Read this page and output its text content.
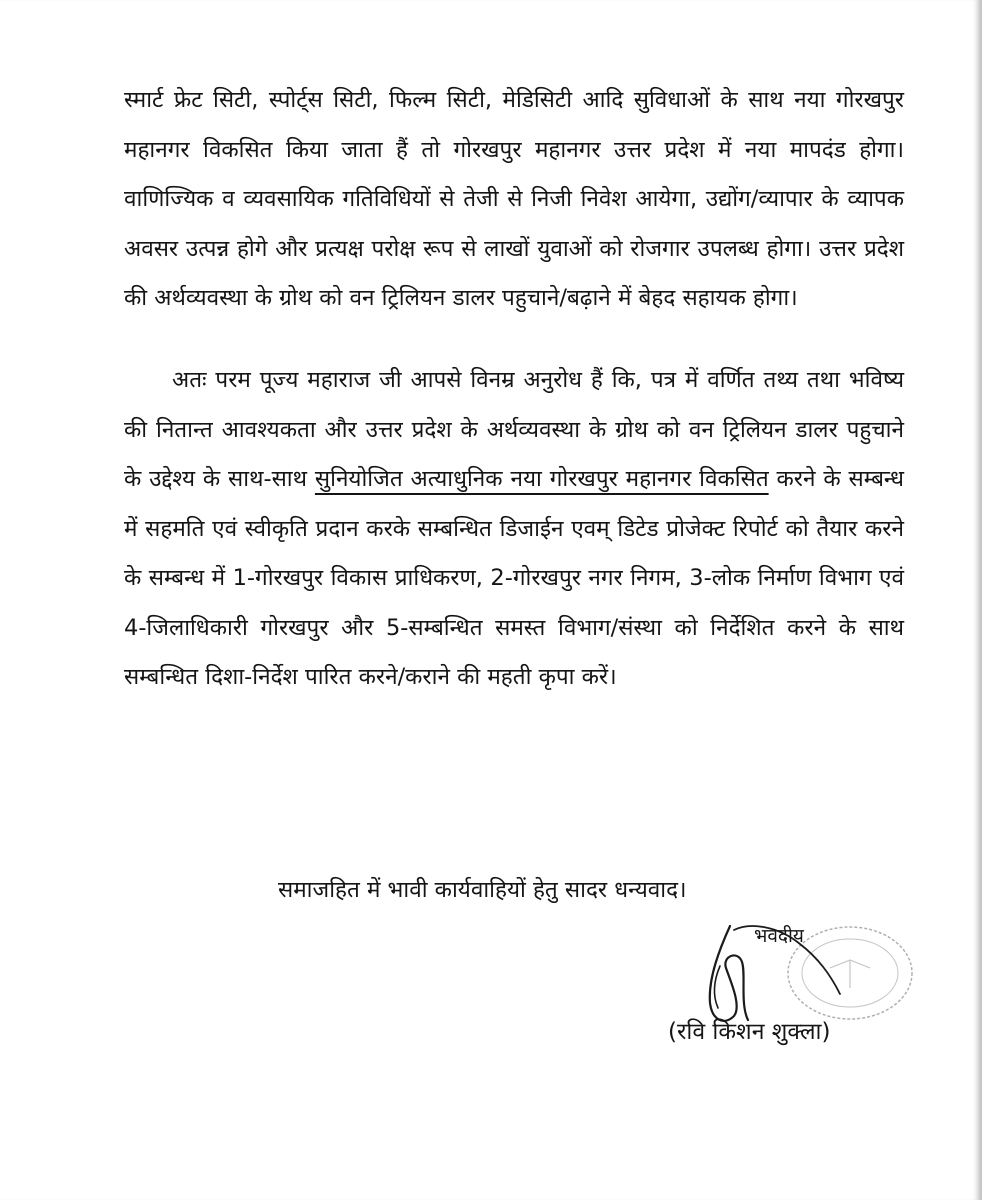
स्मार्ट फ्रेट सिटी, स्पोर्ट्स सिटी, फिल्म सिटी, मेडिसिटी आदि सुविधाओं के साथ नया गोरखपुर महानगर विकसित किया जाता हैं तो गोरखपुर महानगर उत्तर प्रदेश में नया मापदंड होगा। वाणिज्यिक व व्यवसायिक गतिविधियों से तेजी से निजी निवेश आयेगा, उद्योंग/व्यापार के व्यापक अवसर उत्पन्न होगे और प्रत्यक्ष परोक्ष रूप से लाखों युवाओं को रोजगार उपलब्ध होगा। उत्तर प्रदेश की अर्थव्यवस्था के ग्रोथ को वन ट्रिलियन डालर पहुचाने/बढ़ाने में बेहद सहायक होगा।

अतः परम पूज्य महाराज जी आपसे विनम्र अनुरोध हैं कि, पत्र में वर्णित तथ्य तथा भविष्य की नितान्त आवश्यकता और उत्तर प्रदेश के अर्थव्यवस्था के ग्रोथ को वन ट्रिलियन डालर पहुचाने के उद्देश्य के साथ-साथ सुनियोजित अत्याधुनिक नया गोरखपुर महानगर विकसित करने के सम्बन्ध में सहमति एवं स्वीकृति प्रदान करके सम्बन्धित डिजाईन एवम् डिटेड प्रोजेक्ट रिपोर्ट को तैयार करने के सम्बन्ध में 1-गोरखपुर विकास प्राधिकरण, 2-गोरखपुर नगर निगम, 3-लोक निर्माण विभाग एवं 4-जिलाधिकारी गोरखपुर और 5-सम्बन्धित समस्त विभाग/संस्था को निर्देशित करने के साथ सम्बन्धित दिशा-निर्देश पारित करने/कराने की महती कृपा करें।

समाजहित में भावी कार्यवाहियों हेतु सादर धन्यवाद।

भवदीय

(रवि किशन शुक्ला)
